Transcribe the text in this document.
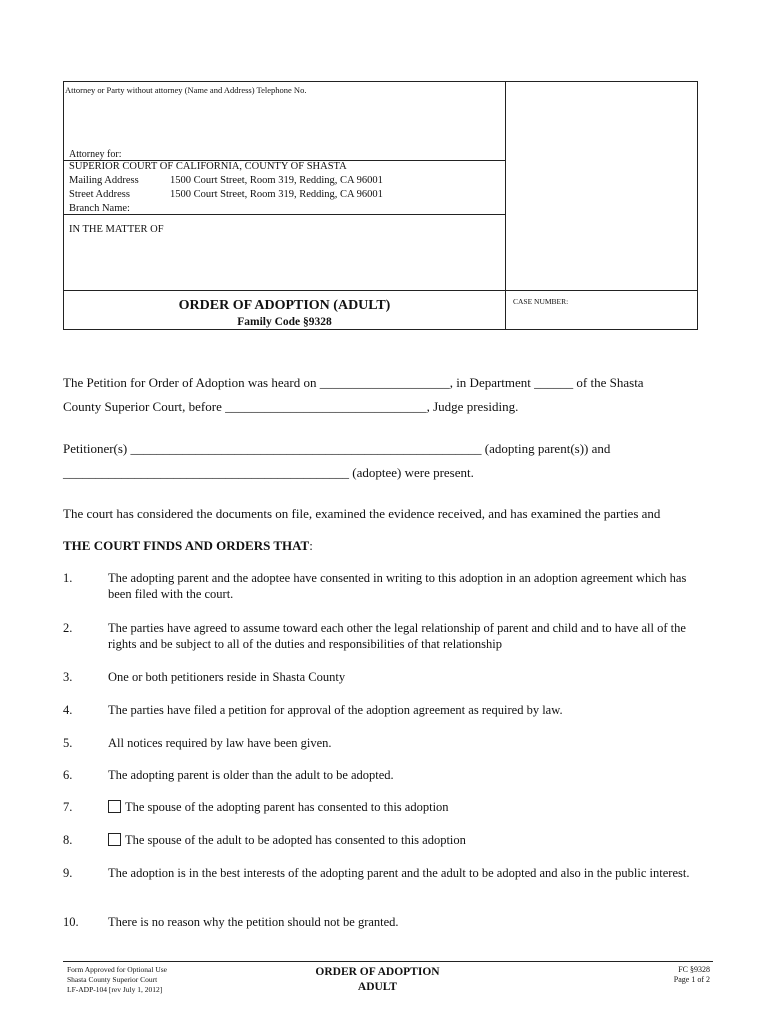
Attorney or Party without attorney (Name and Address) Telephone No.
Attorney for:
SUPERIOR COURT OF CALIFORNIA, COUNTY OF SHASTA
Mailing Address	1500 Court Street, Room 319, Redding, CA 96001
Street Address	1500 Court Street, Room 319, Redding, CA 96001
Branch Name:
IN THE MATTER OF
ORDER OF ADOPTION (ADULT)
Family Code §9328
CASE NUMBER:
The Petition for Order of Adoption was heard on ____________________, in Department ______ of the Shasta
County Superior Court, before _______________________________, Judge presiding.
Petitioner(s) ______________________________________________________ (adopting parent(s)) and
____________________________________________ (adoptee) were present.
The court has considered the documents on file, examined the evidence received, and has examined the parties and
THE COURT FINDS AND ORDERS THAT:
1.	The adopting parent and the adoptee have consented in writing to this adoption in an adoption agreement which has been filed with the court.
2.	The parties have agreed to assume toward each other the legal relationship of parent and child and to have all of the rights and be subject to all of the duties and responsibilities of that relationship
3.	One or both petitioners reside in Shasta County
4.	The parties have filed a petition for approval of the adoption agreement as required by law.
5.	All notices required by law have been given.
6.	The adopting parent is older than the adult to be adopted.
7.	The spouse of the adopting parent has consented to this adoption
8.	The spouse of the adult to be adopted has consented to this adoption
9.	The adoption is in the best interests of the adopting parent and the adult to be adopted and also in the public interest.
10. There is no reason why the petition should not be granted.
Form Approved for Optional Use
Shasta County Superior Court
LF-ADP-104 [rev July 1, 2012]
ORDER OF ADOPTION
ADULT
FC §9328
Page 1 of 2
